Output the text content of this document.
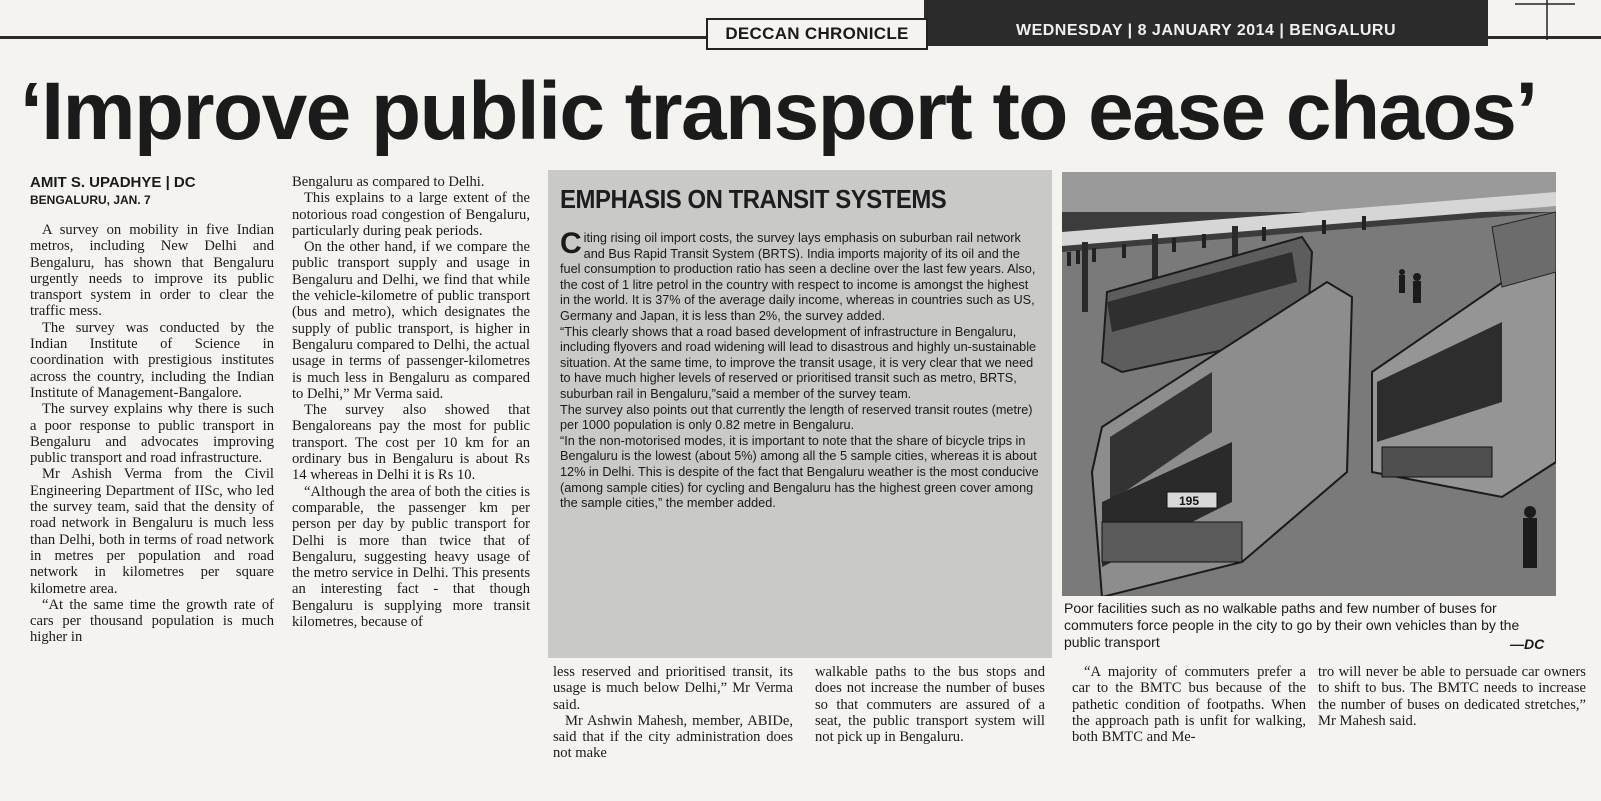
WEDNESDAY | 8 JANUARY 2014 | BENGALURU
DECCAN CHRONICLE
‘Improve public transport to ease chaos’
AMIT S. UPADHYE | DC
BENGALURU, JAN. 7

A survey on mobility in five Indian metros, including New Delhi and Bengaluru, has shown that Bengaluru urgently needs to improve its public transport system in order to clear the traffic mess.

The survey was conducted by the Indian Institute of Science in coordination with prestigious institutes across the country, including the Indian Institute of Management-Bangalore.

The survey explains why there is such a poor response to public transport in Bengaluru and advocates improving public transport and road infrastructure.

Mr Ashish Verma from the Civil Engineering Department of IISc, who led the survey team, said that the density of road network in Bengaluru is much less than Delhi, both in terms of road network in metres per population and road network in kilometres per square kilometre area.

“At the same time the growth rate of cars per thousand population is much higher in

Bengaluru as compared to Delhi.

This explains to a large extent of the notorious road congestion of Bengaluru, particularly during peak periods.

On the other hand, if we compare the public transport supply and usage in Bengaluru and Delhi, we find that while the vehicle-kilometre of public transport (bus and metro), which designates the supply of public transport, is higher in Bengaluru compared to Delhi, the actual usage in terms of passenger-kilometres is much less in Bengaluru as compared to Delhi,” Mr Verma said.

The survey also showed that Bengaloreans pay the most for public transport. The cost per 10 km for an ordinary bus in Bengaluru is about Rs 14 whereas in Delhi it is Rs 10.

“Although the area of both the cities is comparable, the passenger km per person per day by public transport for Delhi is more than twice that of Bengaluru, suggesting heavy usage of the metro service in Delhi. This presents an interesting fact - that though Bengaluru is supplying more transit kilometres, because of

EMPHASIS ON TRANSIT SYSTEMS

Citing rising oil import costs, the survey lays emphasis on suburban rail network and Bus Rapid Transit System (BRTS). India imports majority of its oil and the fuel consumption to production ratio has seen a decline over the last few years. Also, the cost of 1 litre petrol in the country with respect to income is amongst the highest in the world. It is 37% of the average daily income, whereas in countries such as US, Germany and Japan, it is less than 2%, the survey added.

“This clearly shows that a road based development of infrastructure in Bengaluru, including flyovers and road widening will lead to disastrous and highly un-sustainable situation. At the same time, to improve the transit usage, it is very clear that we need to have much higher levels of reserved or prioritised transit such as metro, BRTS, suburban rail in Bengaluru,”said a member of the survey team.

The survey also points out that currently the length of reserved transit routes (metre) per 1000 population is only 0.82 metre in Bengaluru.

“In the non-motorised modes, it is important to note that the share of bicycle trips in Bengaluru is the lowest (about 5%) among all the 5 sample cities, whereas it is about 12% in Delhi. This is despite of the fact that Bengaluru weather is the most conducive (among sample cities) for cycling and Bengaluru has the highest green cover among the sample cities,” the member added.	195
Poor facilities such as no walkable paths and few number of buses for commuters force people in the city to go by their own vehicles than by the public transport	—DC

less reserved and prioritised transit, its usage is much below Delhi,” Mr Verma said.

Mr Ashwin Mahesh, member, ABIDe, said that if the city administration does not make

walkable paths to the bus stops and does not increase the number of buses so that commuters are assured of a seat, the public transport system will not pick up in Bengaluru.

“A majority of commuters prefer a car to the BMTC bus because of the pathetic condition of footpaths. When the approach path is unfit for walking, both BMTC and Me-

tro will never be able to persuade car owners to shift to bus. The BMTC needs to increase the number of buses on dedicated stretches,” Mr Mahesh said.
